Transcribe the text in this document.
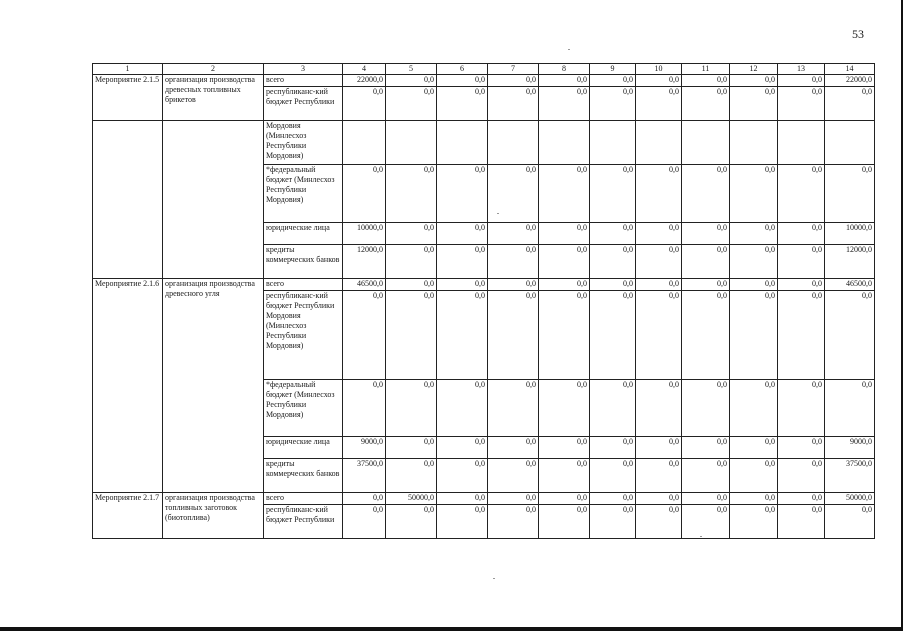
53
1	2	3	4	5	6	7	8	9	10	11	12	13	14
Мероприятие 2.1.5	организация производства древесных топливных брикетов	всего	22000,0	0,0	0,0	0,0	0,0	0,0	0,0	0,0	0,0	0,0	22000,0
		республиканс-кий бюджет Республики	0,0	0,0	0,0	0,0	0,0	0,0	0,0	0,0	0,0	0,0	0,0
		Мордовия (Минлесхоз Республики Мордовия)											
		*федеральный бюджет (Минлесхоз Республики Мордовия)	0,0	0,0	0,0	0,0	0,0	0,0	0,0	0,0	0,0	0,0	0,0
		юридические лица	10000,0	0,0	0,0	0,0	0,0	0,0	0,0	0,0	0,0	0,0	10000,0
		кредиты коммерческих банков	12000,0	0,0	0,0	0,0	0,0	0,0	0,0	0,0	0,0	0,0	12000,0
Мероприятие 2.1.6	организация производства древесного угля	всего	46500,0	0,0	0,0	0,0	0,0	0,0	0,0	0,0	0,0	0,0	46500,0
		республиканс-кий бюджет Республики Мордовия (Минлесхоз Республики Мордовия)	0,0	0,0	0,0	0,0	0,0	0,0	0,0	0,0	0,0	0,0	0,0
		*федеральный бюджет (Минлесхоз Республики Мордовия)	0,0	0,0	0,0	0,0	0,0	0,0	0,0	0,0	0,0	0,0	0,0
		юридические лица	9000,0	0,0	0,0	0,0	0,0	0,0	0,0	0,0	0,0	0,0	9000,0
		кредиты коммерческих банков	37500,0	0,0	0,0	0,0	0,0	0,0	0,0	0,0	0,0	0,0	37500,0
Мероприятие 2.1.7	организация производства топливных заготовок (биотоплива)	всего	0,0	50000,0	0,0	0,0	0,0	0,0	0,0	0,0	0,0	0,0	50000,0
		республиканс-кий бюджет Республики	0,0	0,0	0,0	0,0	0,0	0,0	0,0	0,0	0,0	0,0	0,0
